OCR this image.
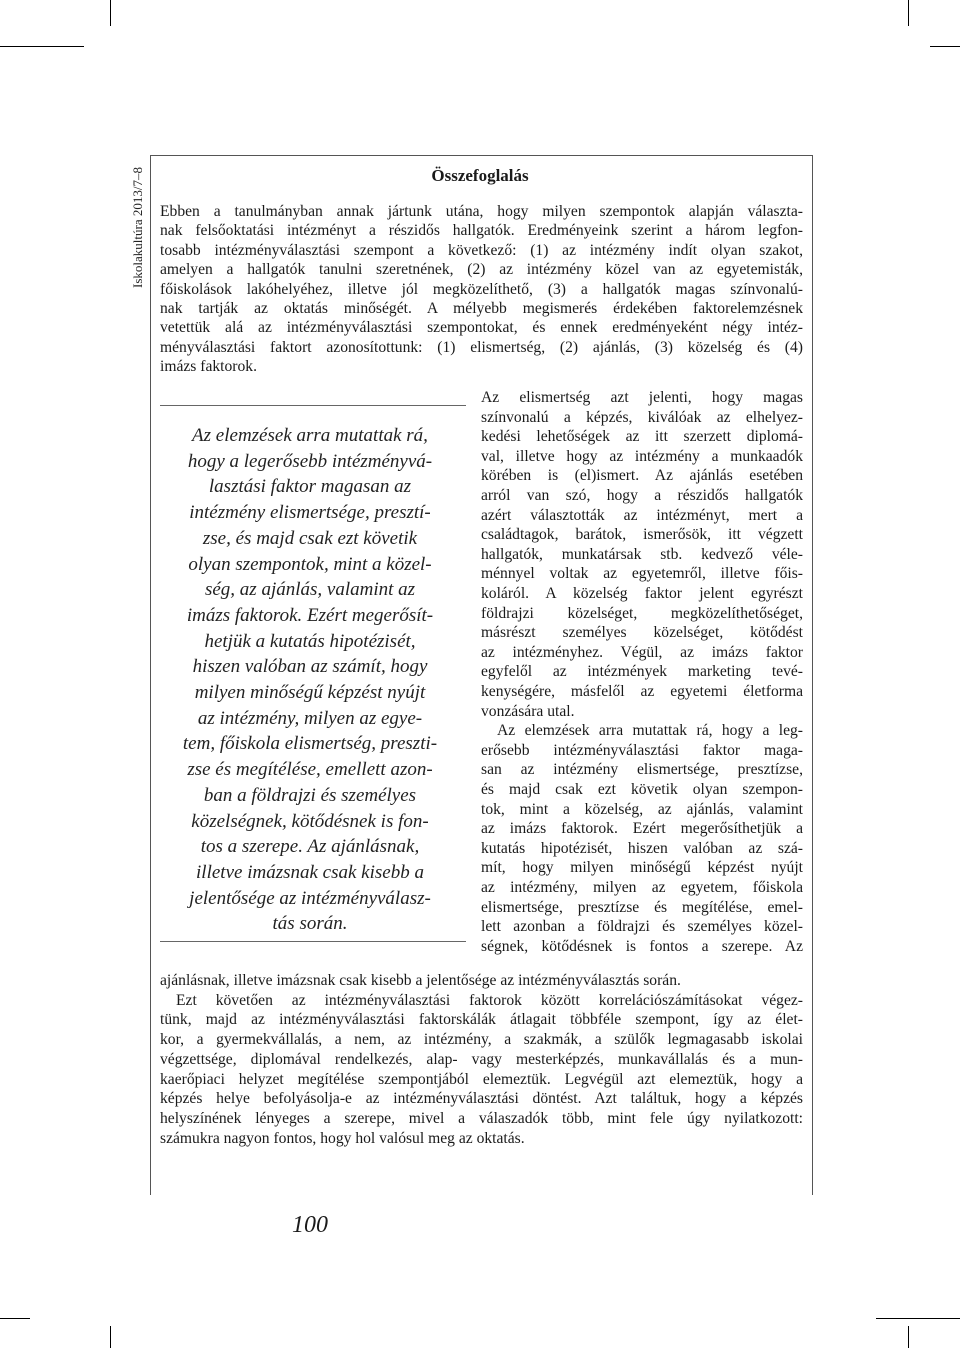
Iskolakultúra 2013/7–8	Összefoglalás
Ebben a tanulmányban annak jártunk utána, hogy milyen szempontok alapján választa-
nak felsőoktatási intézményt a részidős hallgatók. Eredményeink szerint a három legfon-
tosabb intézményválasztási szempont a következő: (1) az intézmény indít olyan szakot,
amelyen a hallgatók tanulni szeretnének, (2) az intézmény közel van az egyetemisták,
főiskolások lakóhelyéhez, illetve jól megközelíthető, (3) a hallgatók magas színvonalú-
nak tartják az oktatás minőségét. A mélyebb megismerés érdekében faktorelemzésnek
vetettük alá az intézményválasztási szempontokat, és ennek eredményeként négy intéz-
ményválasztási faktort azonosítottunk: (1) elismertség, (2) ajánlás, (3) közelség és (4)
imázs faktorok.
Az elismertség azt jelenti, hogy magas
színvonalú a képzés, kiválóak az elhelyez-
kedési lehetőségek az itt szerzett diplomá-
val, illetve hogy az intézmény a munkaadók
körében is (el)ismert. Az ajánlás esetében
arról van szó, hogy a részidős hallgatók
azért választották az intézményt, mert a
családtagok, barátok, ismerősök, itt végzett
hallgatók, munkatársak stb. kedvező véle-
ménnyel voltak az egyetemről, illetve főis-
koláról. A közelség faktor jelent egyrészt
földrajzi közelséget, megközelíthetőséget,
másrészt személyes közelséget, kötődést
az intézményhez. Végül, az imázs faktor
egyfelől az intézmények marketing tevé-
kenységére, másfelől az egyetemi életforma
vonzására utal.
Az elemzések arra mutattak rá, hogy a leg-
erősebb intézményválasztási faktor maga-
san az intézmény elismertsége, presztízse,
és majd csak ezt követik olyan szempon-
tok, mint a közelség, az ajánlás, valamint
az imázs faktorok. Ezért megerősíthetjük a
kutatás hipotézisét, hiszen valóban az szá-
mít, hogy milyen minőségű képzést nyújt
az intézmény, milyen az egyetem, főiskola
elismertsége, presztízse és megítélése, emel-
lett azonban a földrajzi és személyes közel-
ségnek, kötődésnek is fontos a szerepe. Az
Az elemzések arra mutattak rá,
hogy a legerősebb intézményvá-
lasztási faktor magasan az
intézmény elismertsége, presztí-
zse, és majd csak ezt követik
olyan szempontok, mint a közel-
ség, az ajánlás, valamint az
imázs faktorok. Ezért megerősít-
hetjük a kutatás hipotézisét,
hiszen valóban az számít, hogy
milyen minőségű képzést nyújt
az intézmény, milyen az egye-
tem, főiskola elismertség, preszti-
zse és megítélése, emellett azon-
ban a földrajzi és személyes
közelségnek, kötődésnek is fon-
tos a szerepe. Az ajánlásnak,
illetve imázsnak csak kisebb a
jelentősége az intézményválasz-
tás során.
ajánlásnak, illetve imázsnak csak kisebb a jelentősége az intézményválasztás során.
Ezt követően az intézményválasztási faktorok között korrelációszámításokat végez-
tünk, majd az intézményválasztási faktorskálák átlagait többféle szempont, így az élet-
kor, a gyermekvállalás, a nem, az intézmény, a szakmák, a szülők legmagasabb iskolai
végzettsége, diplomával rendelkezés, alap- vagy mesterképzés, munkavállalás és a mun-
kaerőpiaci helyzet megítélése szempontjából elemeztük. Legvégül azt elemeztük, hogy a
képzés helye befolyásolja-e az intézményválasztási döntést. Azt találtuk, hogy a képzés
helyszínének lényeges a szerepe, mivel a válaszadók több, mint fele úgy nyilatkozott:
számukra nagyon fontos, hogy hol valósul meg az oktatás.
100
